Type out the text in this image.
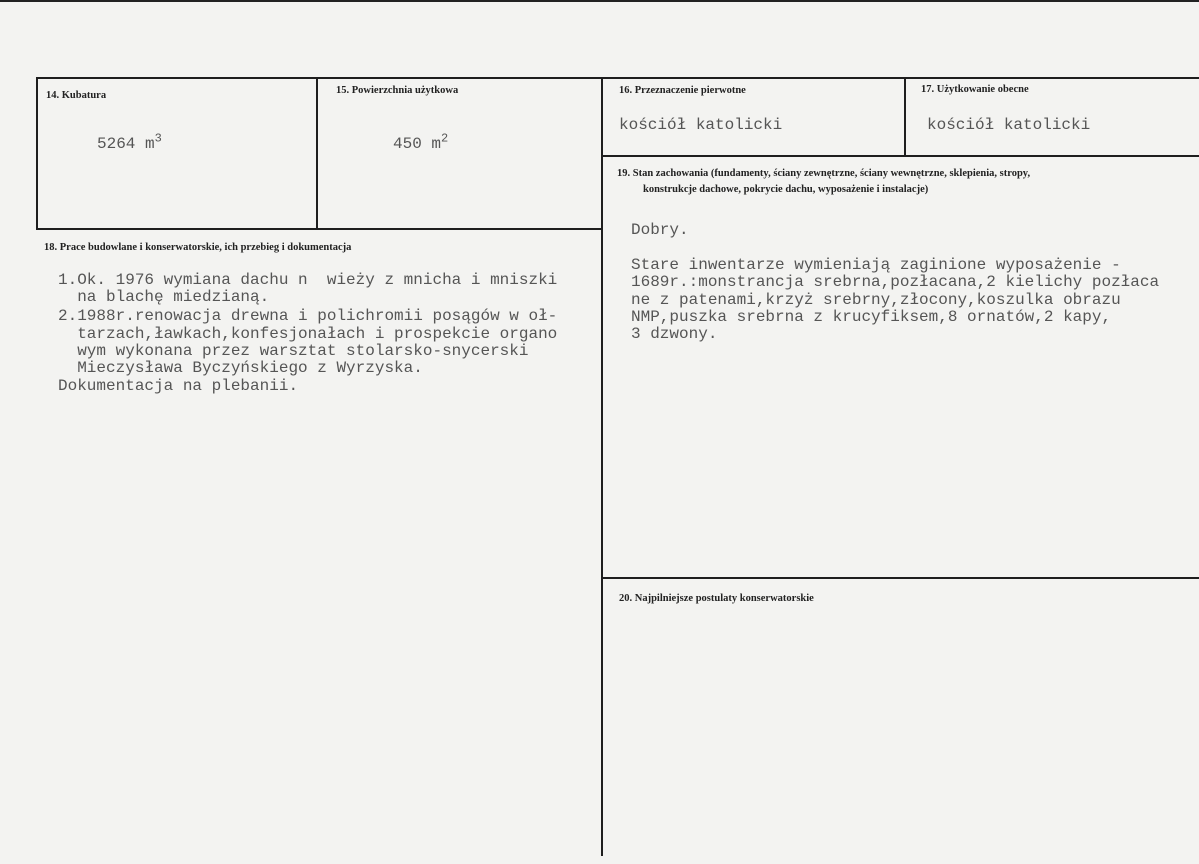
14. Kubatura
5264 $m^3$
15. Powierzchnia użytkowa
450 $m^2$
16. Przeznaczenie pierwotne
kościół katolicki
17. Użytkowanie obecne
kościół katolicki
18. Prace budowlane i konserwatorskie, ich przebieg i dokumentacja
1.Ok. 1976 wymiana dachu n  wieży z mnicha i mniszki
na blachę miedzianą.
2.1988r.renowacja drewna i polichromii posągów w oł-
tarzach,ławkach,konfesjonałach i prospekcie organo
wym wykonana przez warsztat stolarsko-snycerski
Mieczysława Byczyńskiego z Wyrzyska.
Dokumentacja na plebanii.
19. Stan zachowania (fundamenty, ściany zewnętrzne, ściany wewnętrzne, sklepienia, stropy,
konstrukcje dachowe, pokrycie dachu, wyposażenie i instalacje)
Dobry.
Stare inwentarze wymieniają zaginione wyposażenie -
1689r.:monstrancja srebrna,pozłacana,2 kielichy pozłaca
ne z patenami,krzyż srebrny,złocony,koszulka obrazu
NMP,puszka srebrna z krucyfiksem,8 ornatów,2 kapy,
3 dzwony.
20. Najpilniejsze postulaty konserwatorskie
